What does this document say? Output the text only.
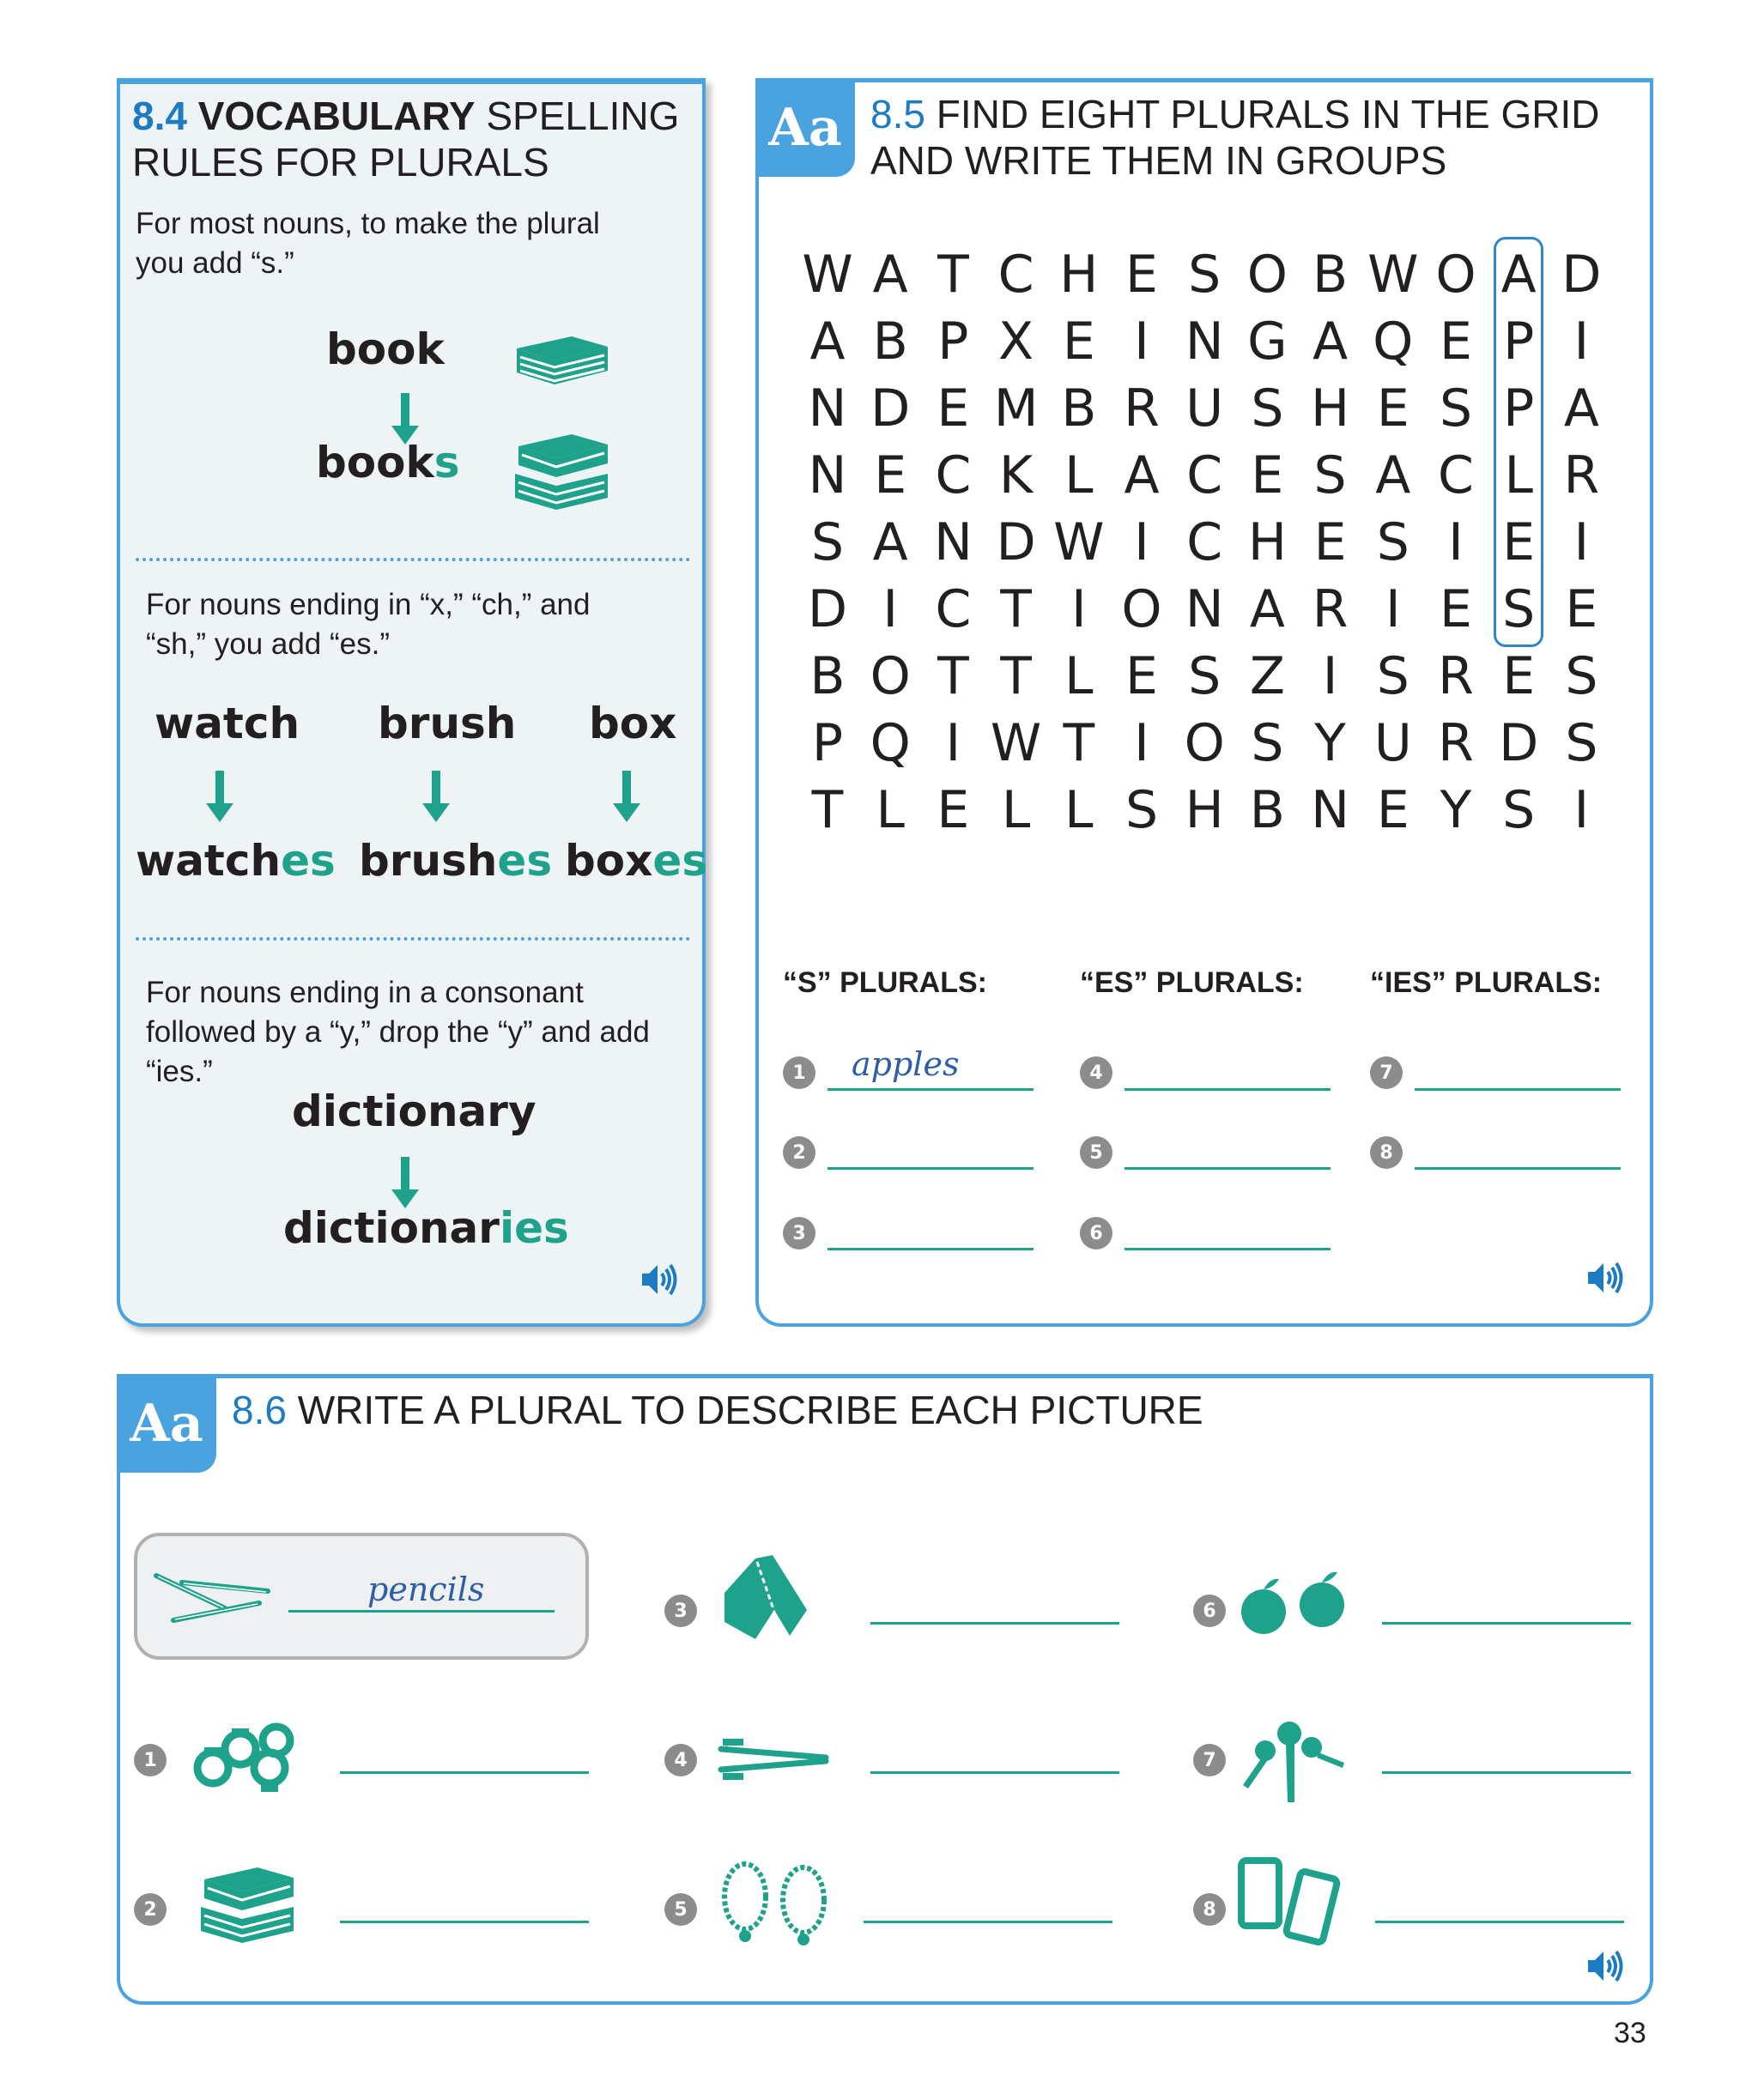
8.4 VOCABULARY SPELLING
RULES FOR PLURALS
For most nouns, to make the plural you add “s.”
book
books
For nouns ending in “x,” “ch,” and “sh,” you add “es.”
watch brush box
watches brushes boxes
For nouns ending in a consonant followed by a “y,” drop the “y” and add “ies.”
dictionary
dictionaries
Aa 8.5 FIND EIGHT PLURALS IN THE GRID
AND WRITE THEM IN GROUPS
W A T C H E S O B W O A D
A B P X E I N G A Q E P I
N D E M B R U S H E S P A
N E C K L A C E S A C L R
S A N D W I C H E S I E I
D I C T I O N A R I E S E
B O T T L E S Z I S R E S
P Q I W T I O S Y U R D S
T L E L L S H B N E Y S I
“S” PLURALS:	“ES” PLURALS: “IES” PLURALS:
1 apples
2
3
4
5
6
7
8
Aa 8.6 WRITE A PLURAL TO DESCRIBE EACH PICTURE
pencils
1
2
3
4
5
6
7
8
33
